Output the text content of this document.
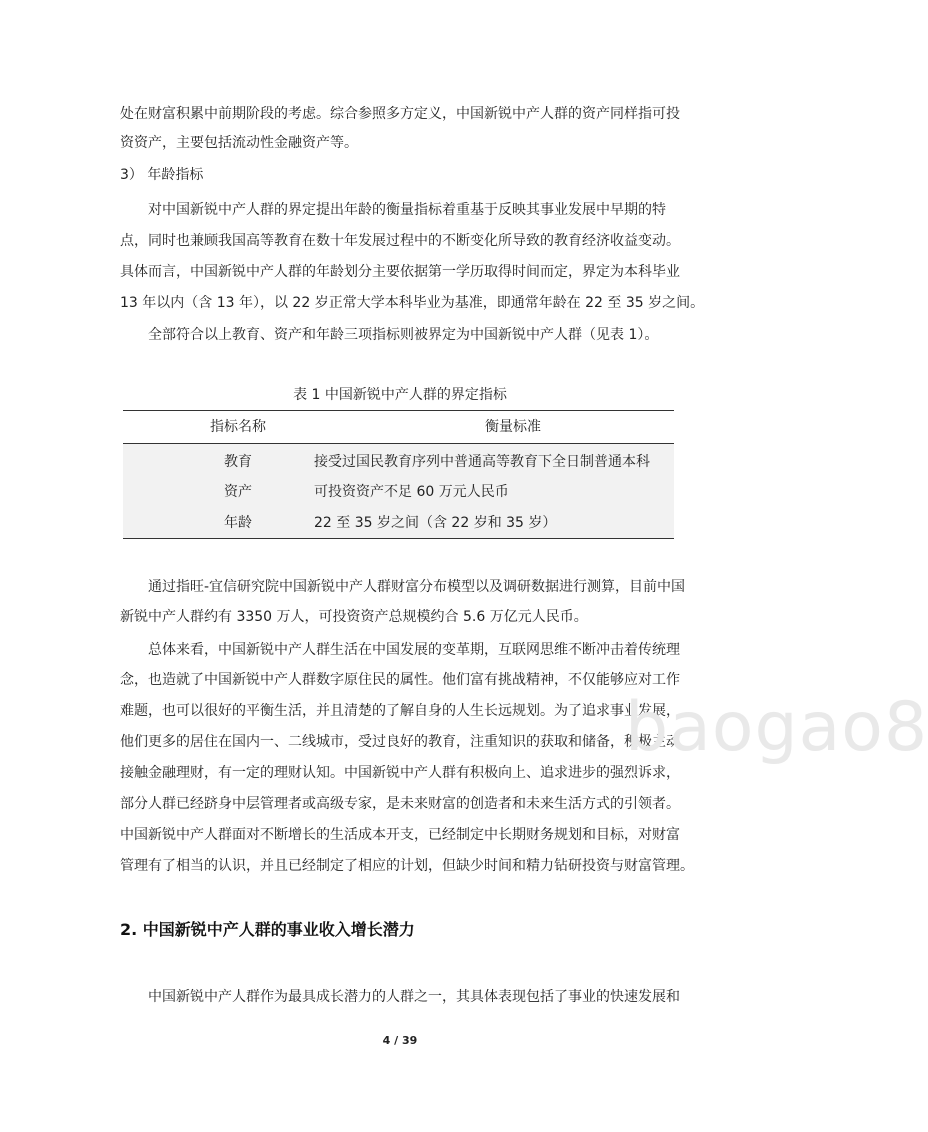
处在财富积累中前期阶段的考虑。综合参照多方定义，中国新锐中产人群的资产同样指可投
资资产，主要包括流动性金融资产等。
3） 年龄指标
对中国新锐中产人群的界定提出年龄的衡量指标着重基于反映其事业发展中早期的特
点，同时也兼顾我国高等教育在数十年发展过程中的不断变化所导致的教育经济收益变动。
具体而言，中国新锐中产人群的年龄划分主要依据第一学历取得时间而定，界定为本科毕业
13 年以内（含 13 年），以 22 岁正常大学本科毕业为基准，即通常年龄在 22 至 35 岁之间。
全部符合以上教育、资产和年龄三项指标则被界定为中国新锐中产人群（见表 1）。
表 1 中国新锐中产人群的界定指标
指标名称	衡量标准
教育	接受过国民教育序列中普通高等教育下全日制普通本科
资产	可投资资产不足 60 万元人民币
年龄	22 至 35 岁之间（含 22 岁和 35 岁）
通过指旺-宜信研究院中国新锐中产人群财富分布模型以及调研数据进行测算，目前中国
新锐中产人群约有 3350 万人，可投资资产总规模约合 5.6 万亿元人民币。
总体来看，中国新锐中产人群生活在中国发展的变革期，互联网思维不断冲击着传统理
念，也造就了中国新锐中产人群数字原住民的属性。他们富有挑战精神，不仅能够应对工作
难题，也可以很好的平衡生活，并且清楚的了解自身的人生长远规划。为了追求事业发展，
他们更多的居住在国内一、二线城市，受过良好的教育，注重知识的获取和储备，积极主动
接触金融理财，有一定的理财认知。中国新锐中产人群有积极向上、追求进步的强烈诉求，
部分人群已经跻身中层管理者或高级专家，是未来财富的创造者和未来生活方式的引领者。
中国新锐中产人群面对不断增长的生活成本开支，已经制定中长期财务规划和目标，对财富
管理有了相当的认识，并且已经制定了相应的计划，但缺少时间和精力钻研投资与财富管理。
baogao8
2. 中国新锐中产人群的事业收入增长潜力
中国新锐中产人群作为最具成长潜力的人群之一，其具体表现包括了事业的快速发展和
4 / 39
